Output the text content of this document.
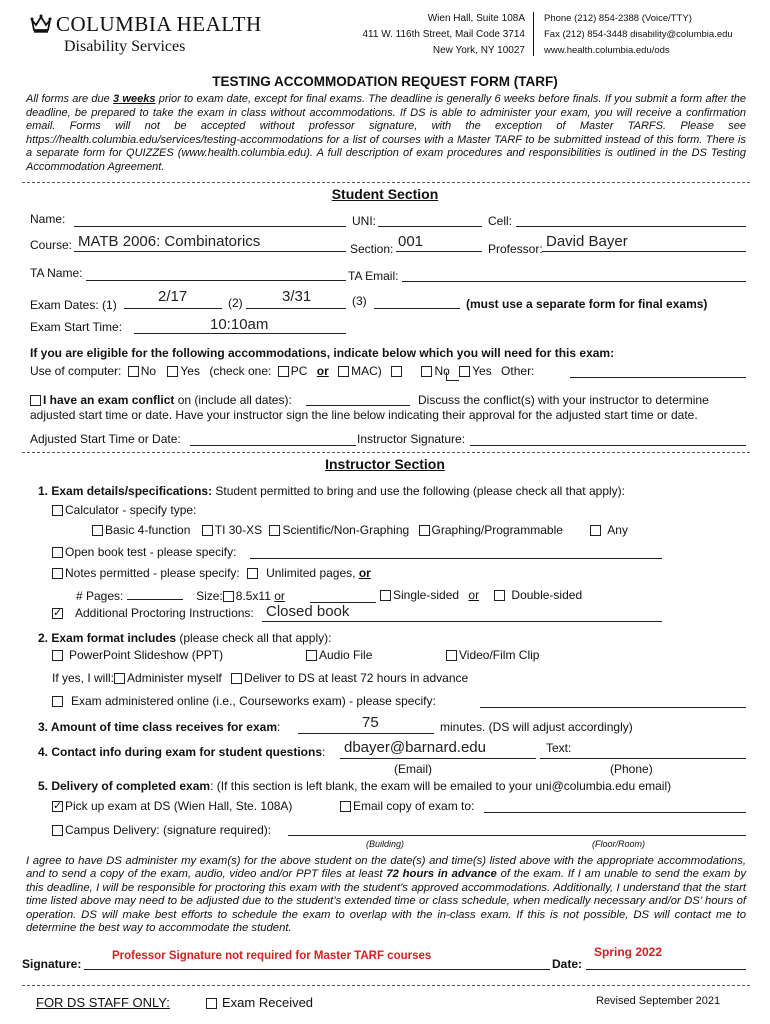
COLUMBIA HEALTH
Disability Services
Wien Hall, Suite 108A
411 W. 116th Street, Mail Code 3714
New York, NY 10027
Phone (212) 854-2388 (Voice/TTY)
Fax (212) 854-3448 disability@columbia.edu
www.health.columbia.edu/ods
TESTING ACCOMMODATION REQUEST FORM (TARF)
All forms are due 3 weeks prior to exam date, except for final exams. The deadline is generally 6 weeks before finals. If you submit a form after the deadline, be prepared to take the exam in class without accommodations. If DS is able to administer your exam, you will receive a confirmation email. Forms will not be accepted without professor signature, with the exception of Master TARFS. Please see https://health.columbia.edu/services/testing-accommodations for a list of courses with a Master TARF to be submitted instead of this form. There is a separate form for QUIZZES (www.health.columbia.edu). A full description of exam procedures and responsibilities is outlined in the DS Testing Accommodation Agreement.
Student Section
Name:	UNI:	Cell:
Course: MATB 2006: Combinatorics	Section: 001	Professor: David Bayer
TA Name:	TA Email:
Exam Dates: (1)	2/17	(2)	3/31	(3)	(must use a separate form for final exams)
Exam Start Time:	10:10am
If you are eligible for the following accommodations, indicate below which you will need for this exam:
Use of computer: No Yes (check one: PC or MAC)	No Yes Other:
I have an exam conflict on (include all dates):	Discuss the conflict(s) with your instructor to determine
adjusted start time or date. Have your instructor sign the line below indicating their approval for the adjusted start time or date.
Adjusted Start Time or Date:	Instructor Signature:
Instructor Section
1. Exam details/specifications: Student permitted to bring and use the following (please check all that apply):
Calculator - specify type:
Basic 4-function TI 30-XS Scientific/Non-Graphing Graphing/Programmable	Any
Open book test - please specify:
Notes permitted - please specify: Unlimited pages, or
# Pages:	Size: 8.5x11 or	Single-sided or	Double-sided
✓Additional Proctoring Instructions: Closed book
2. Exam format includes (please check all that apply):
PowerPoint Slideshow (PPT)	Audio File	Video/Film Clip
If yes, I will: Administer myself Deliver to DS at least 72 hours in advance
Exam administered online (i.e., Courseworks exam) - please specify:
3. Amount of time class receives for exam:	75	minutes. (DS will adjust accordingly)
4. Contact info during exam for student questions: dbayer@barnard.edu	Text:
(Email)	(Phone)
5. Delivery of completed exam: (If this section is left blank, the exam will be emailed to your uni@columbia.edu email)
✓Pick up exam at DS (Wien Hall, Ste. 108A)	Email copy of exam to:
Campus Delivery: (signature required):
(Building)	(Floor/Room)
I agree to have DS administer my exam(s) for the above student on the date(s) and time(s) listed above with the appropriate accommodations, and to send a copy of the exam, audio, video and/or PPT files at least 72 hours in advance of the exam. If I am unable to send the exam by this deadline, I will be responsible for proctoring this exam with the student’s approved accommodations. Additionally, I understand that the start time listed above may need to be adjusted due to the student’s extended time or class schedule, when medically necessary and/or DS’ hours of operation. DS will make best efforts to schedule the exam to overlap with the in-class exam. If this is not possible, DS will contact me to determine the best way to accommodate the student.
Signature:
Professor Signature not required for Master TARF courses
Date:
Spring 2022
FOR DS STAFF ONLY:	Exam Received	Revised September 2021
